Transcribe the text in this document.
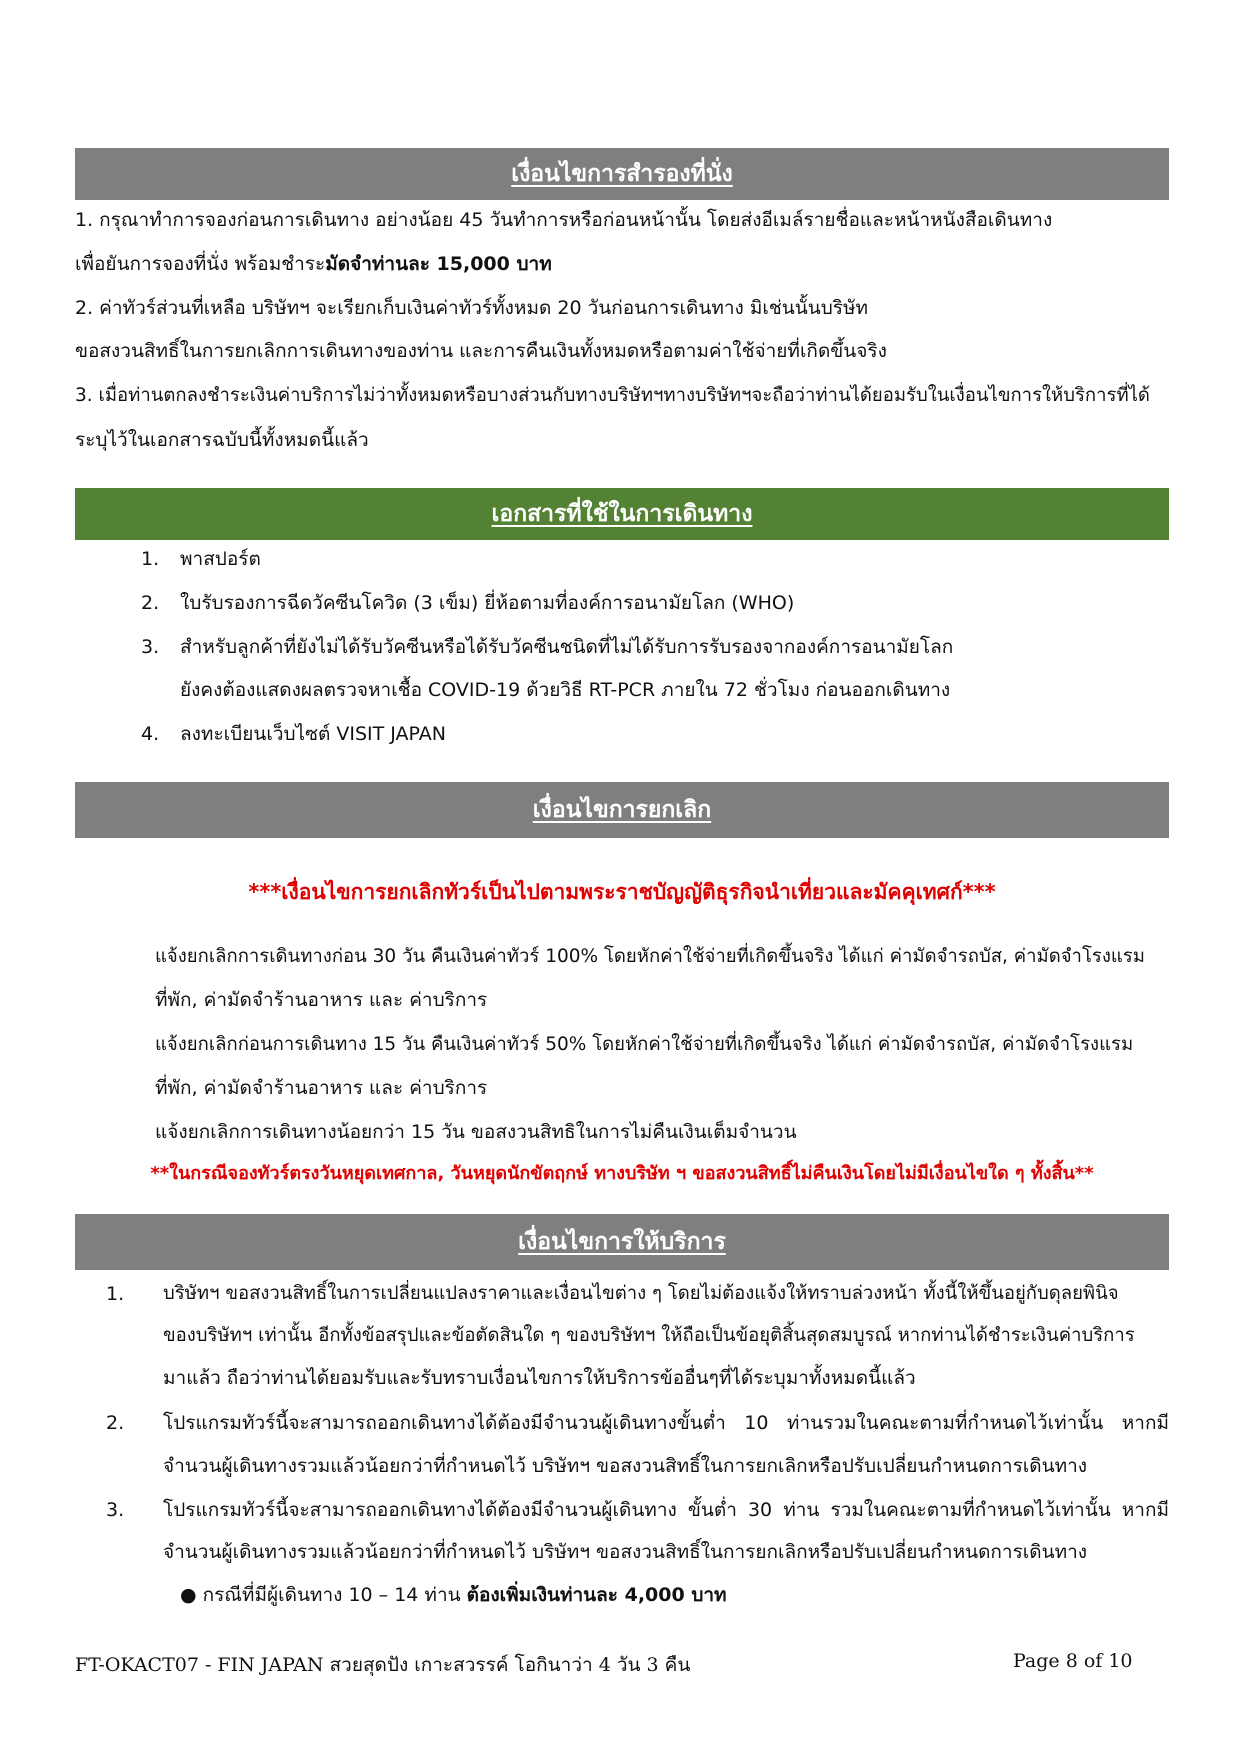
เงื่อนไขการสำรองที่นั่ง
1. กรุณาทำการจองก่อนการเดินทาง อย่างน้อย 45 วันทำการหรือก่อนหน้านั้น โดยส่งอีเมล์รายชื่อและหน้าหนังสือเดินทาง
เพื่อยันการจองที่นั่ง พร้อมชำระมัดจำท่านละ 15,000 บาท
2. ค่าทัวร์ส่วนที่เหลือ บริษัทฯ จะเรียกเก็บเงินค่าทัวร์ทั้งหมด 20 วันก่อนการเดินทาง มิเช่นนั้นบริษัท
ขอสงวนสิทธิ์ในการยกเลิกการเดินทางของท่าน และการคืนเงินทั้งหมดหรือตามค่าใช้จ่ายที่เกิดขึ้นจริง
3. เมื่อท่านตกลงชำระเงินค่าบริการไม่ว่าทั้งหมดหรือบางส่วนกับทางบริษัทฯทางบริษัทฯจะถือว่าท่านได้ยอมรับในเงื่อนไขการให้บริการที่ได้
ระบุไว้ในเอกสารฉบับนี้ทั้งหมดนี้แล้ว
เอกสารที่ใช้ในการเดินทาง
1.	พาสปอร์ต
2.	ใบรับรองการฉีดวัคซีนโควิด (3 เข็ม) ยี่ห้อตามที่องค์การอนามัยโลก (WHO)
3.	สำหรับลูกค้าที่ยังไม่ได้รับวัคซีนหรือได้รับวัคซีนชนิดที่ไม่ได้รับการรับรองจากองค์การอนามัยโลก
ยังคงต้องแสดงผลตรวจหาเชื้อ COVID-19 ด้วยวิธี RT-PCR ภายใน 72 ชั่วโมง ก่อนออกเดินทาง
4.	ลงทะเบียนเว็บไซต์ VISIT JAPAN
เงื่อนไขการยกเลิก
***เงื่อนไขการยกเลิกทัวร์เป็นไปตามพระราชบัญญัติธุรกิจนำเที่ยวและมัคคุเทศก์***
แจ้งยกเลิกการเดินทางก่อน 30 วัน คืนเงินค่าทัวร์ 100% โดยหักค่าใช้จ่ายที่เกิดขึ้นจริง ได้แก่ ค่ามัดจำรถบัส, ค่ามัดจำโรงแรม
ที่พัก, ค่ามัดจำร้านอาหาร และ ค่าบริการ
แจ้งยกเลิกก่อนการเดินทาง 15 วัน คืนเงินค่าทัวร์ 50% โดยหักค่าใช้จ่ายที่เกิดขึ้นจริง ได้แก่ ค่ามัดจำรถบัส, ค่ามัดจำโรงแรม
ที่พัก, ค่ามัดจำร้านอาหาร และ ค่าบริการ
แจ้งยกเลิกการเดินทางน้อยกว่า 15 วัน ขอสงวนสิทธิในการไม่คืนเงินเต็มจำนวน
**ในกรณีจองทัวร์ตรงวันหยุดเทศกาล, วันหยุดนักขัตฤกษ์ ทางบริษัท ฯ ขอสงวนสิทธิ์ไม่คืนเงินโดยไม่มีเงื่อนไขใด ๆ ทั้งสิ้น**
เงื่อนไขการให้บริการ
1.	บริษัทฯ ขอสงวนสิทธิ์ในการเปลี่ยนแปลงราคาและเงื่อนไขต่าง ๆ โดยไม่ต้องแจ้งให้ทราบล่วงหน้า ทั้งนี้ให้ขึ้นอยู่กับดุลยพินิจ
ของบริษัทฯ เท่านั้น อีกทั้งข้อสรุปและข้อตัดสินใด ๆ ของบริษัทฯ ให้ถือเป็นข้อยุติสิ้นสุดสมบูรณ์ หากท่านได้ชำระเงินค่าบริการ
มาแล้ว ถือว่าท่านได้ยอมรับและรับทราบเงื่อนไขการให้บริการข้ออื่นๆที่ได้ระบุมาทั้งหมดนี้แล้ว
2.	โปรแกรมทัวร์นี้จะสามารถออกเดินทางได้ต้องมีจำนวนผู้เดินทางขั้นต่ำ 10 ท่านรวมในคณะตามที่กำหนดไว้เท่านั้น หากมี
จำนวนผู้เดินทางรวมแล้วน้อยกว่าที่กำหนดไว้ บริษัทฯ ขอสงวนสิทธิ์ในการยกเลิกหรือปรับเปลี่ยนกำหนดการเดินทาง
3.	โปรแกรมทัวร์นี้จะสามารถออกเดินทางได้ต้องมีจำนวนผู้เดินทาง ขั้นต่ำ 30 ท่าน รวมในคณะตามที่กำหนดไว้เท่านั้น หากมี
จำนวนผู้เดินทางรวมแล้วน้อยกว่าที่กำหนดไว้ บริษัทฯ ขอสงวนสิทธิ์ในการยกเลิกหรือปรับเปลี่ยนกำหนดการเดินทาง
● กรณีที่มีผู้เดินทาง 10 – 14 ท่าน ต้องเพิ่มเงินท่านละ 4,000 บาท
FT-OKACT07 - FIN JAPAN สวยสุดปัง เกาะสวรรค์ โอกินาว่า 4 วัน 3 คืน	Page 8 of 10
